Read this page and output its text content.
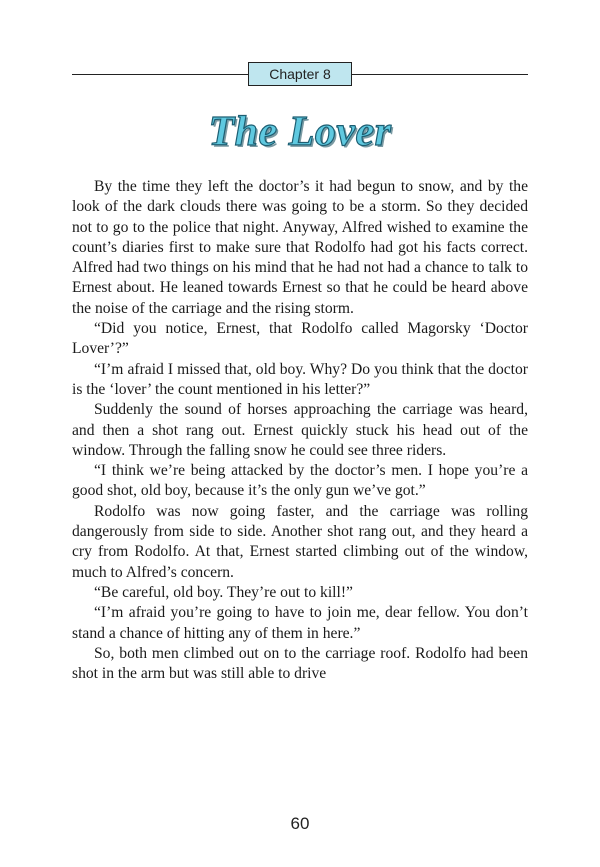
Chapter 8
The Lover

By the time they left the doctor’s it had begun to snow, and by the look of the dark clouds there was going to be a storm. So they decided not to go to the police that night. Anyway, Alfred wished to examine the count’s diaries first to make sure that Rodolfo had got his facts correct. Alfred had two things on his mind that he had not had a chance to talk to Ernest about. He leaned towards Ernest so that he could be heard above the noise of the carriage and the rising storm.

“Did you notice, Ernest, that Rodolfo called Magorsky ‘Doctor Lover’?”

“I’m afraid I missed that, old boy. Why? Do you think that the doctor is the ‘lover’ the count mentioned in his letter?”

Suddenly the sound of horses approaching the carriage was heard, and then a shot rang out. Ernest quickly stuck his head out of the window. Through the falling snow he could see three riders.

“I think we’re being attacked by the doctor’s men. I hope you’re a good shot, old boy, because it’s the only gun we’ve got.”

Rodolfo was now going faster, and the carriage was rolling dangerously from side to side. Another shot rang out, and they heard a cry from Rodolfo. At that, Ernest started climbing out of the window, much to Alfred’s concern.

“Be careful, old boy. They’re out to kill!”

“I’m afraid you’re going to have to join me, dear fellow. You don’t stand a chance of hitting any of them in here.”

So, both men climbed out on to the carriage roof. Rodolfo had been shot in the arm but was still able to drive

60
